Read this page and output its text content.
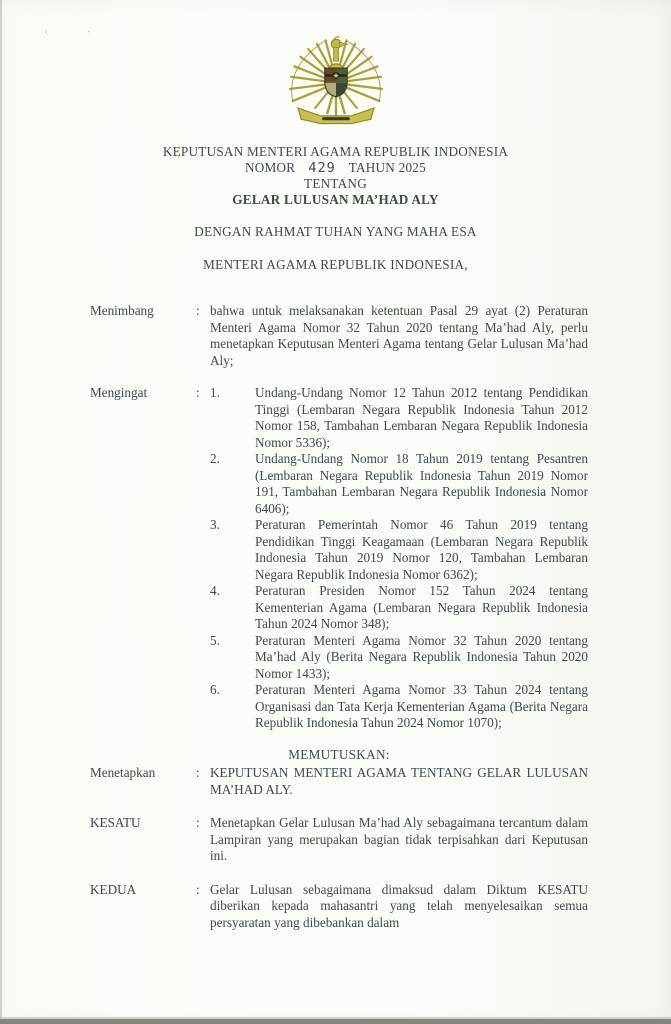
‹ .
KEPUTUSAN MENTERI AGAMA REPUBLIK INDONESIA
NOMOR 429 TAHUN 2025
TENTANG
GELAR LULUSAN MA’HAD ALY
DENGAN RAHMAT TUHAN YANG MAHA ESA
MENTERI AGAMA REPUBLIK INDONESIA,
Menimbang	: bahwa untuk melaksanakan ketentuan Pasal 29 ayat (2) Peraturan Menteri Agama Nomor 32 Tahun 2020 tentang Ma’had Aly, perlu menetapkan Keputusan Menteri Agama tentang Gelar Lulusan Ma’had Aly;
Mengingat	: 1.	Undang-Undang Nomor 12 Tahun 2012 tentang Pendidikan Tinggi (Lembaran Negara Republik Indonesia Tahun 2012 Nomor 158, Tambahan Lembaran Negara Republik Indonesia Nomor 5336);
2.	Undang-Undang Nomor 18 Tahun 2019 tentang Pesantren (Lembaran Negara Republik Indonesia Tahun 2019 Nomor 191, Tambahan Lembaran Negara Republik Indonesia Nomor 6406);
3.	Peraturan Pemerintah Nomor 46 Tahun 2019 tentang Pendidikan Tinggi Keagamaan (Lembaran Negara Republik Indonesia Tahun 2019 Nomor 120, Tambahan Lembaran Negara Republik Indonesia Nomor 6362);
4.	Peraturan Presiden Nomor 152 Tahun 2024 tentang Kementerian Agama (Lembaran Negara Republik Indonesia Tahun 2024 Nomor 348);
5.	Peraturan Menteri Agama Nomor 32 Tahun 2020 tentang Ma’had Aly (Berita Negara Republik Indonesia Tahun 2020 Nomor 1433);
6.	Peraturan Menteri Agama Nomor 33 Tahun 2024 tentang Organisasi dan Tata Kerja Kementerian Agama (Berita Negara Republik Indonesia Tahun 2024 Nomor 1070);
MEMUTUSKAN:
Menetapkan	: KEPUTUSAN MENTERI AGAMA TENTANG GELAR LULUSAN MA’HAD ALY.
KESATU	: Menetapkan Gelar Lulusan Ma’had Aly sebagaimana tercantum dalam Lampiran yang merupakan bagian tidak terpisahkan dari Keputusan ini.
KEDUA	: Gelar Lulusan sebagaimana dimaksud dalam Diktum KESATU diberikan kepada mahasantri yang telah menyelesaikan semua persyaratan yang dibebankan dalam
